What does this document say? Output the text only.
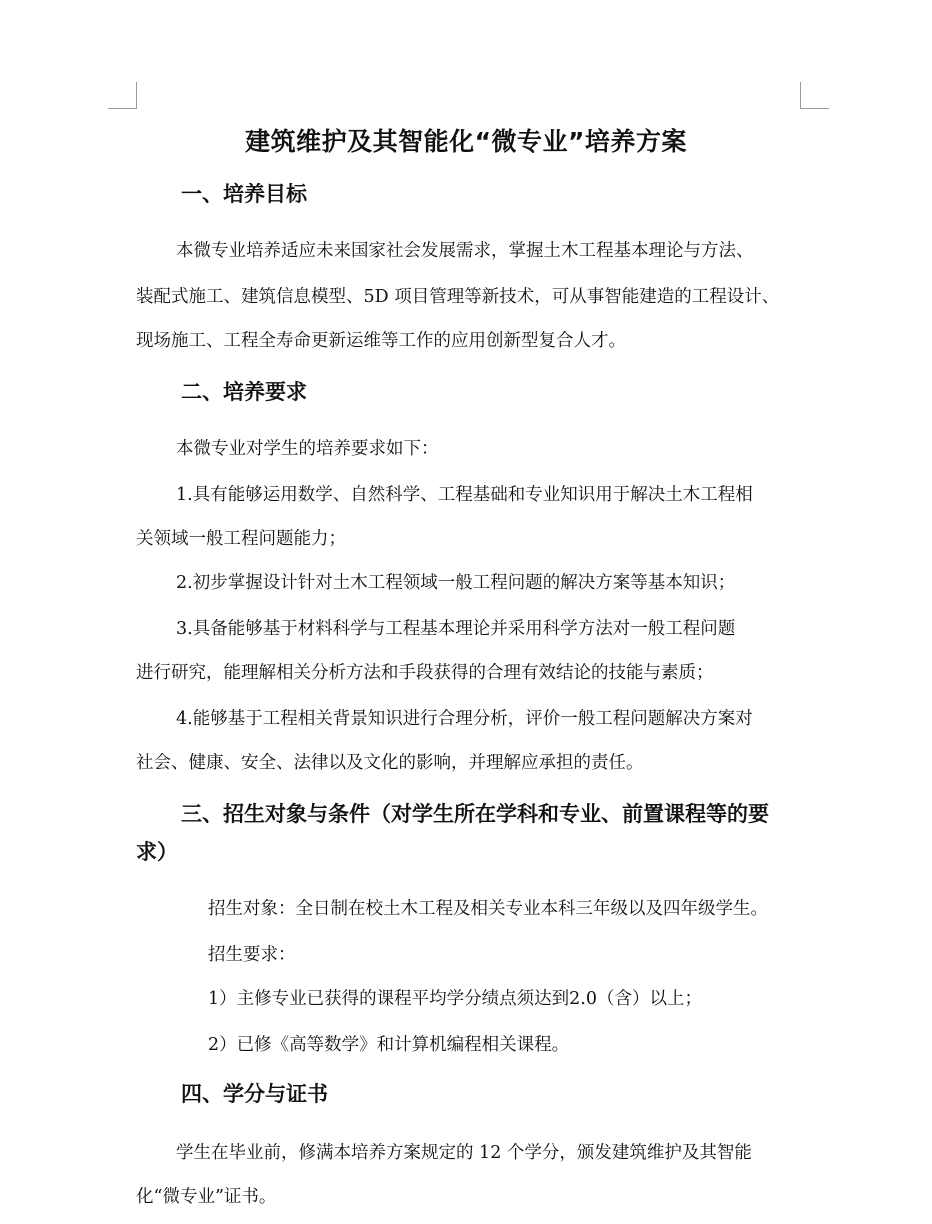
建筑维护及其智能化“微专业”培养方案
一、培养目标

本微专业培养适应未来国家社会发展需求，掌握土木工程基本理论与方法、

装配式施工、建筑信息模型、5D 项目管理等新技术，可从事智能建造的工程设计、

现场施工、工程全寿命更新运维等工作的应用创新型复合人才。

二、培养要求

本微专业对学生的培养要求如下：

1.具有能够运用数学、自然科学、工程基础和专业知识用于解决土木工程相

关领域一般工程问题能力；

2.初步掌握设计针对土木工程领域一般工程问题的解决方案等基本知识；

3.具备能够基于材料科学与工程基本理论并采用科学方法对一般工程问题

进行研究，能理解相关分析方法和手段获得的合理有效结论的技能与素质；

4.能够基于工程相关背景知识进行合理分析，评价一般工程问题解决方案对

社会、健康、安全、法律以及文化的影响，并理解应承担的责任。

三、招生对象与条件（对学生所在学科和专业、前置课程等的要
求）

招生对象：全日制在校土木工程及相关专业本科三年级以及四年级学生。

招生要求：

1）主修专业已获得的课程平均学分绩点须达到2.0（含）以上；

2）已修《高等数学》和计算机编程相关课程。

四、学分与证书

学生在毕业前，修满本培养方案规定的 12 个学分，颁发建筑维护及其智能

化“微专业”证书。
